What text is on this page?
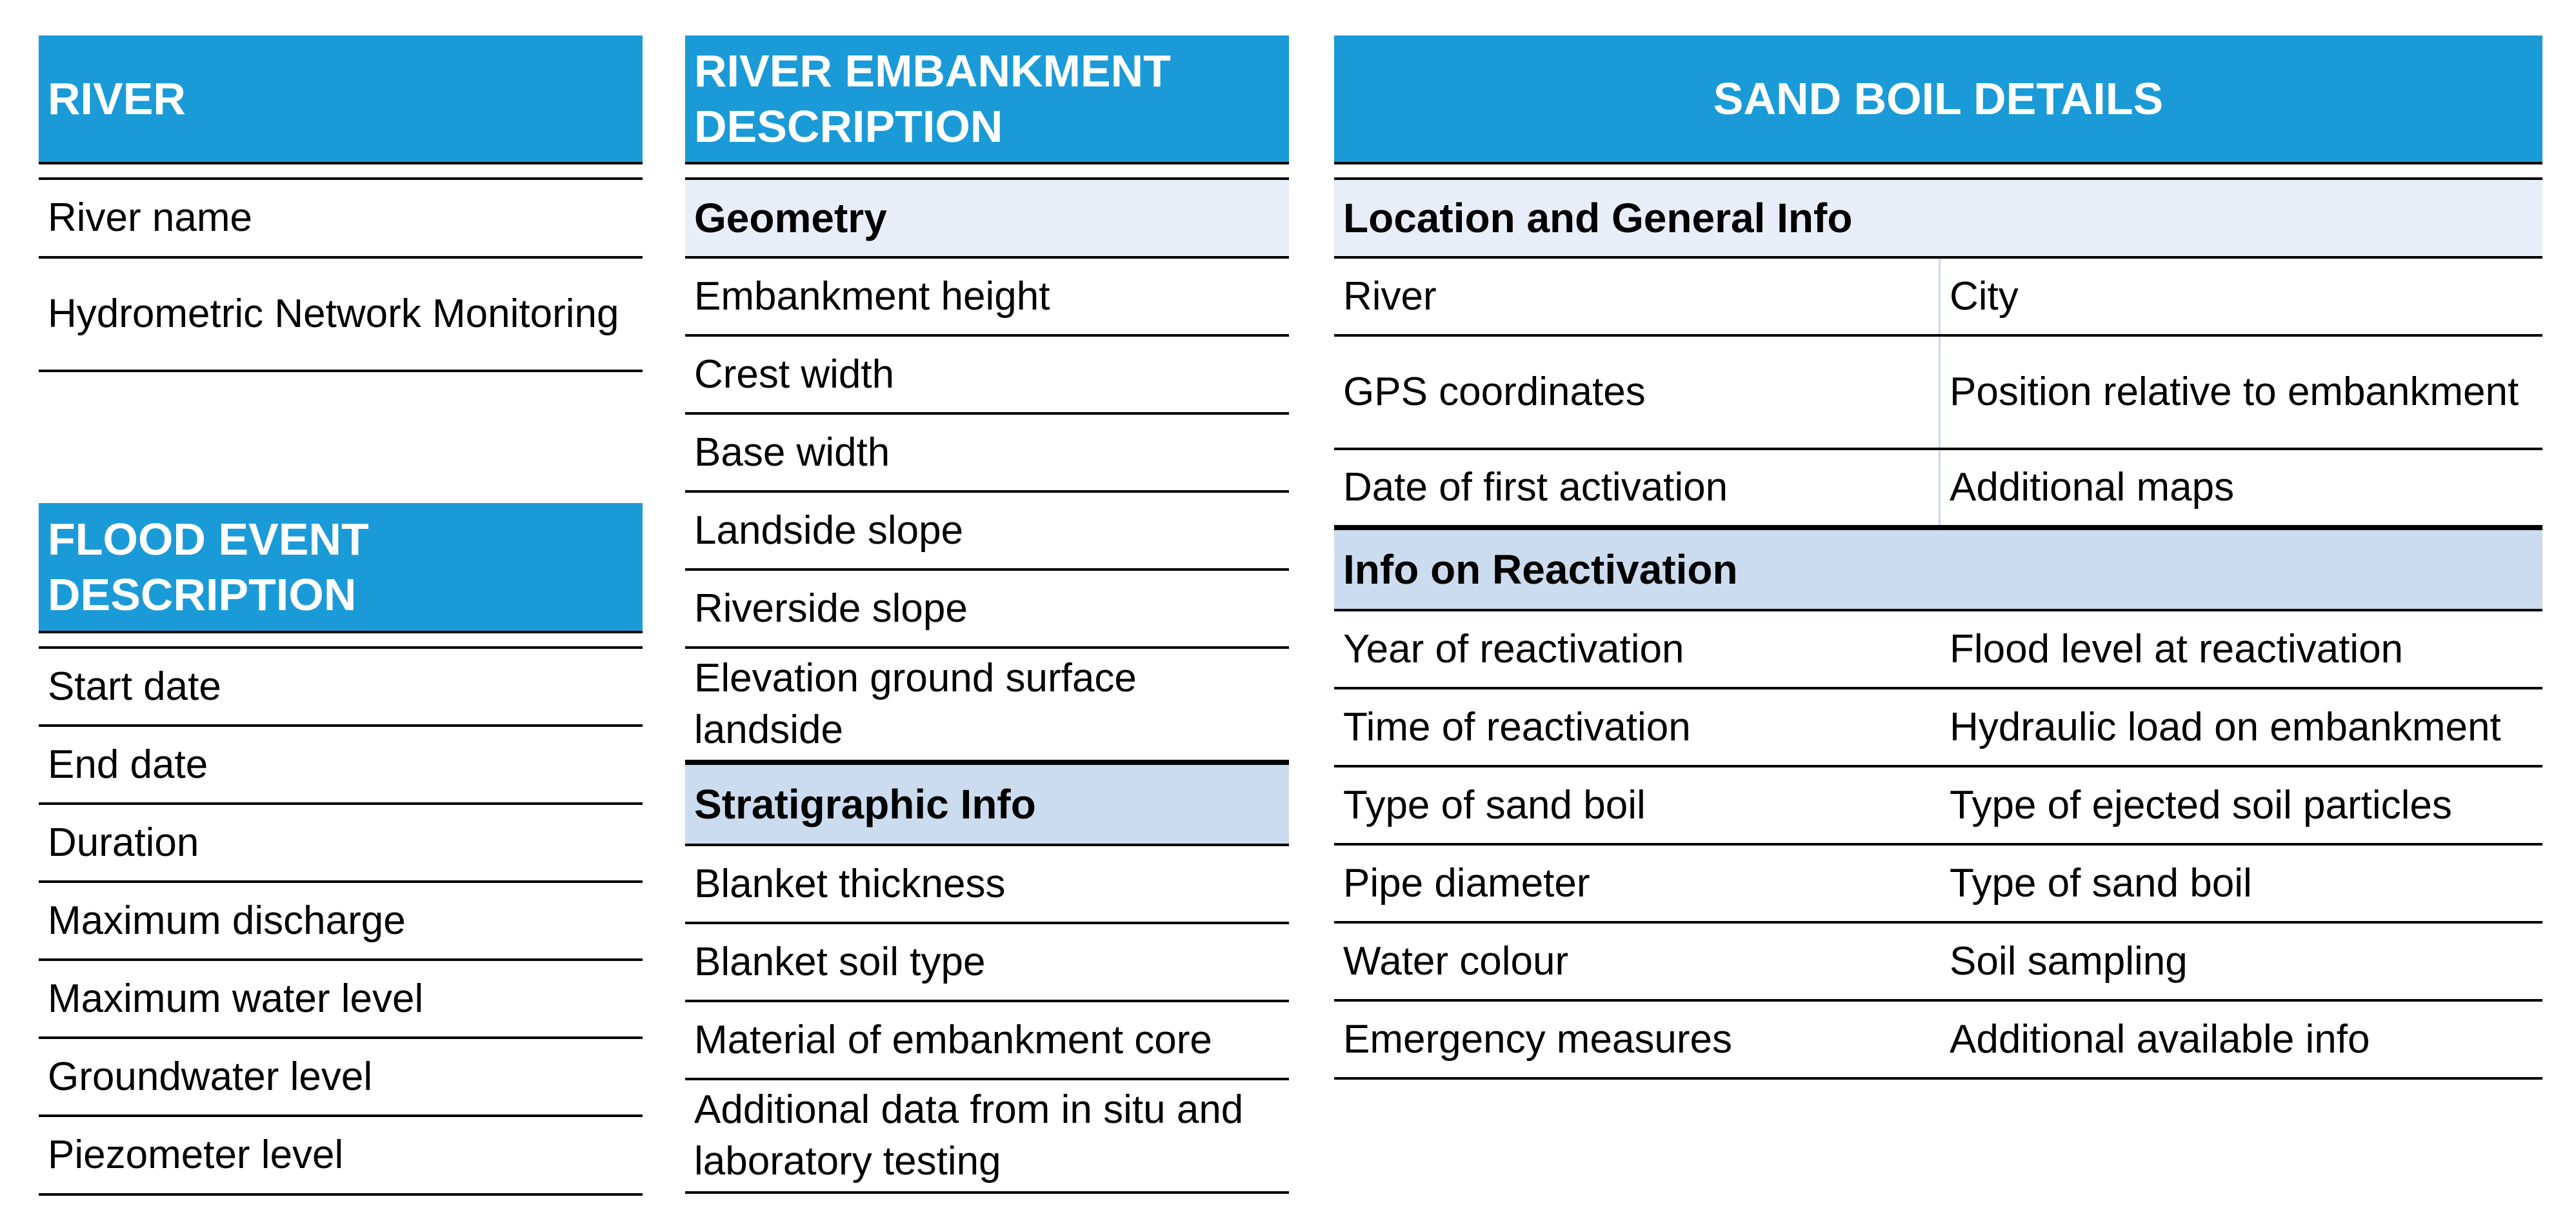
RIVER
River name
Hydrometric Network Monitoring
FLOOD EVENT DESCRIPTION
Start date
End date
Duration
Maximum discharge
Maximum water level
Groundwater level
Piezometer level
RIVER EMBANKMENT DESCRIPTION
Geometry
Embankment height
Crest width
Base width
Landside slope
Riverside slope
Elevation ground surface landside
Stratigraphic Info
Blanket thickness
Blanket soil type
Material of embankment core
Additional data from in situ and laboratory testing
SAND BOIL DETAILS
Location and General Info
River	City
GPS coordinates	Position relative to embankment
Date of first activation	Additional maps
Info on Reactivation
Year of reactivation	Flood level at reactivation
Time of reactivation	Hydraulic load on embankment
Type of sand boil	Type of ejected soil particles
Pipe diameter	Type of sand boil
Water colour	Soil sampling
Emergency measures	Additional available info
